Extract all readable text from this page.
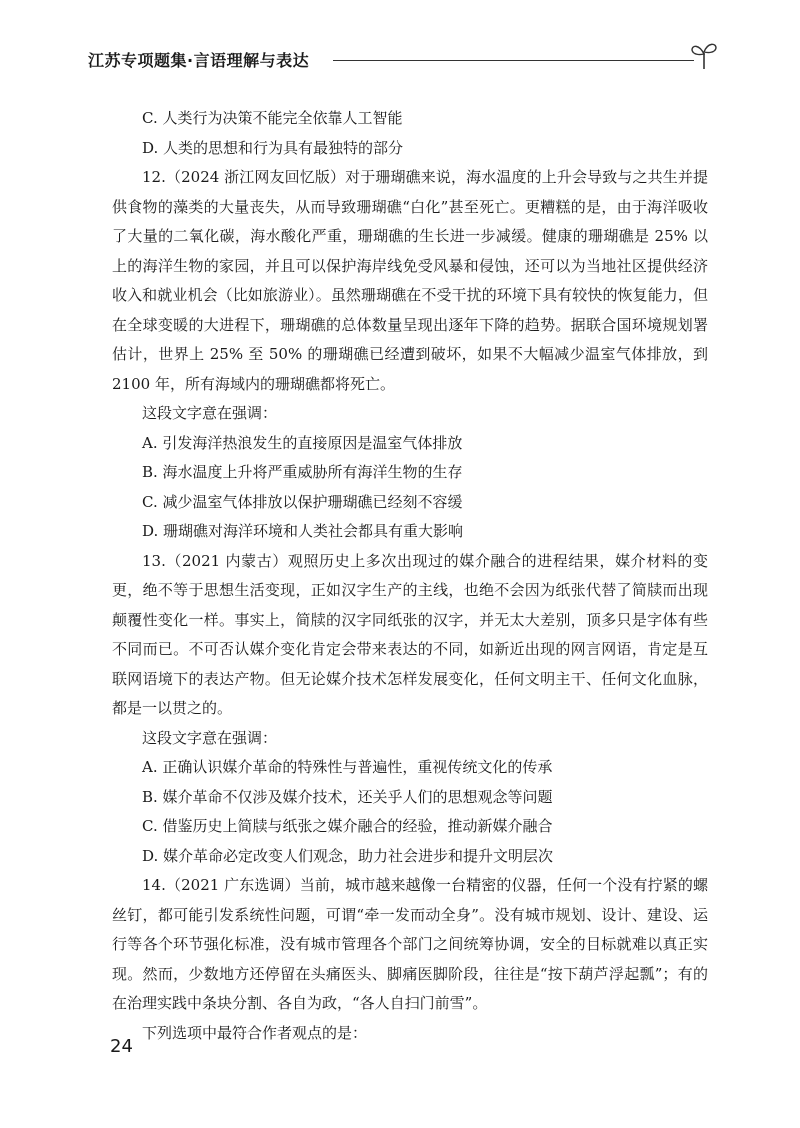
江苏专项题集·言语理解与表达

C. 人类行为决策不能完全依靠人工智能

D. 人类的思想和行为具有最独特的部分

12.（2024 浙江网友回忆版）对于珊瑚礁来说，海水温度的上升会导致与之共生并提供食物的藻类的大量丧失，从而导致珊瑚礁“白化”甚至死亡。更糟糕的是，由于海洋吸收了大量的二氧化碳，海水酸化严重，珊瑚礁的生长进一步减缓。健康的珊瑚礁是 25% 以上的海洋生物的家园，并且可以保护海岸线免受风暴和侵蚀，还可以为当地社区提供经济收入和就业机会（比如旅游业）。虽然珊瑚礁在不受干扰的环境下具有较快的恢复能力，但在全球变暖的大进程下，珊瑚礁的总体数量呈现出逐年下降的趋势。据联合国环境规划署估计，世界上 25% 至 50% 的珊瑚礁已经遭到破坏，如果不大幅减少温室气体排放，到 2100 年，所有海域内的珊瑚礁都将死亡。

这段文字意在强调：

A. 引发海洋热浪发生的直接原因是温室气体排放

B. 海水温度上升将严重威胁所有海洋生物的生存

C. 减少温室气体排放以保护珊瑚礁已经刻不容缓

D. 珊瑚礁对海洋环境和人类社会都具有重大影响

13.（2021 内蒙古）观照历史上多次出现过的媒介融合的进程结果，媒介材料的变更，绝不等于思想生活变现，正如汉字生产的主线，也绝不会因为纸张代替了简牍而出现颠覆性变化一样。事实上，简牍的汉字同纸张的汉字，并无太大差别，顶多只是字体有些不同而已。不可否认媒介变化肯定会带来表达的不同，如新近出现的网言网语，肯定是互联网语境下的表达产物。但无论媒介技术怎样发展变化，任何文明主干、任何文化血脉，都是一以贯之的。

这段文字意在强调：

A. 正确认识媒介革命的特殊性与普遍性，重视传统文化的传承

B. 媒介革命不仅涉及媒介技术，还关乎人们的思想观念等问题

C. 借鉴历史上简牍与纸张之媒介融合的经验，推动新媒介融合

D. 媒介革命必定改变人们观念，助力社会进步和提升文明层次

14.（2021 广东选调）当前，城市越来越像一台精密的仪器，任何一个没有拧紧的螺丝钉，都可能引发系统性问题，可谓“牵一发而动全身”。没有城市规划、设计、建设、运行等各个环节强化标准，没有城市管理各个部门之间统筹协调，安全的目标就难以真正实现。然而，少数地方还停留在头痛医头、脚痛医脚阶段，往往是“按下葫芦浮起瓢”；有的在治理实践中条块分割、各自为政，“各人自扫门前雪”。

下列选项中最符合作者观点的是：

24
